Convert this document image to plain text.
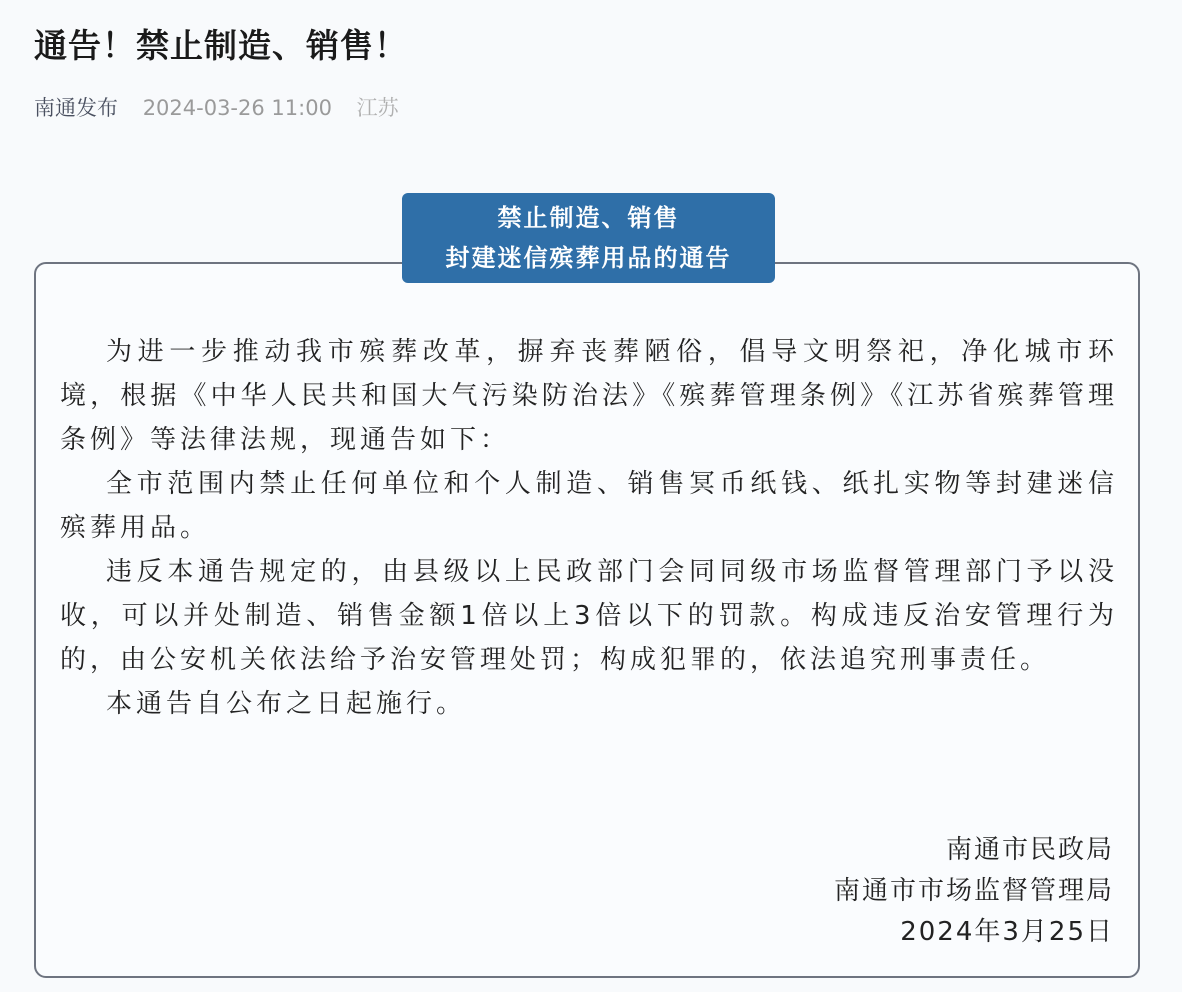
通告！禁止制造、销售！
南通发布 2024-03-26 11:00 江苏
禁止制造、销售
封建迷信殡葬用品的通告

为进一步推动我市殡葬改革，摒弃丧葬陋俗，倡导文明祭祀，净化城市环境，根据《中华人民共和国大气污染防治法》《殡葬管理条例》《江苏省殡葬管理条例》等法律法规，现通告如下：

全市范围内禁止任何单位和个人制造、销售冥币纸钱、纸扎实物等封建迷信殡葬用品。

违反本通告规定的，由县级以上民政部门会同同级市场监督管理部门予以没收，可以并处制造、销售金额1倍以上3倍以下的罚款。构成违反治安管理行为的，由公安机关依法给予治安管理处罚；构成犯罪的，依法追究刑事责任。

本通告自公布之日起施行。

南通市民政局
南通市市场监督管理局
2024年3月25日
